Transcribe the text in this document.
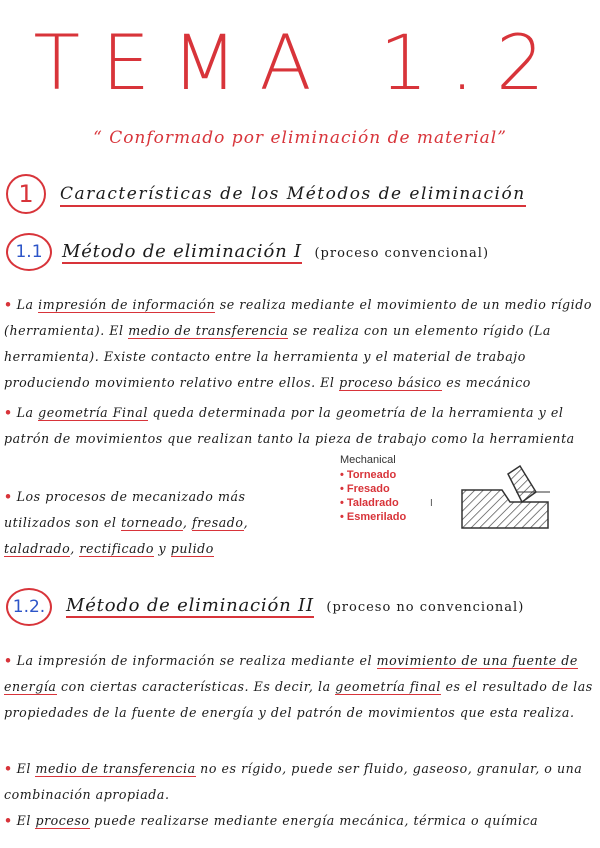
TEMA 1.2
“ Conformado por eliminación de material”
1	Características de los Métodos de eliminación
1.1	Método de eliminación I (proceso convencional)
• La impresión de información se realiza mediante el movimiento de un medio rígido (herramienta). El medio de transferencia se realiza con un elemento rígido (La herramienta). Existe contacto entre la herramienta y el material de trabajo produciendo movimiento relativo entre ellos. El proceso básico es mecánico
• La geometría Final queda determinada por la geometría de la herramienta y el patrón de movimientos que realizan tanto la pieza de trabajo como la herramienta
• Los procesos de mecanizado más utilizados son el torneado, fresado, taladrado, rectificado y pulido
Mechanical
• Torneado
• Fresado
• Taladrado
• Esmerilado
I
1.2.	Método de eliminación II (proceso no convencional)
• La impresión de información se realiza mediante el movimiento de una fuente de energía con ciertas características. Es decir, la geometría final es el resultado de las propiedades de la fuente de energía y del patrón de movimientos que esta realiza.
• El medio de transferencia no es rígido, puede ser fluido, gaseoso, granular, o una combinación apropiada.
• El proceso puede realizarse mediante energía mecánica, térmica o química
